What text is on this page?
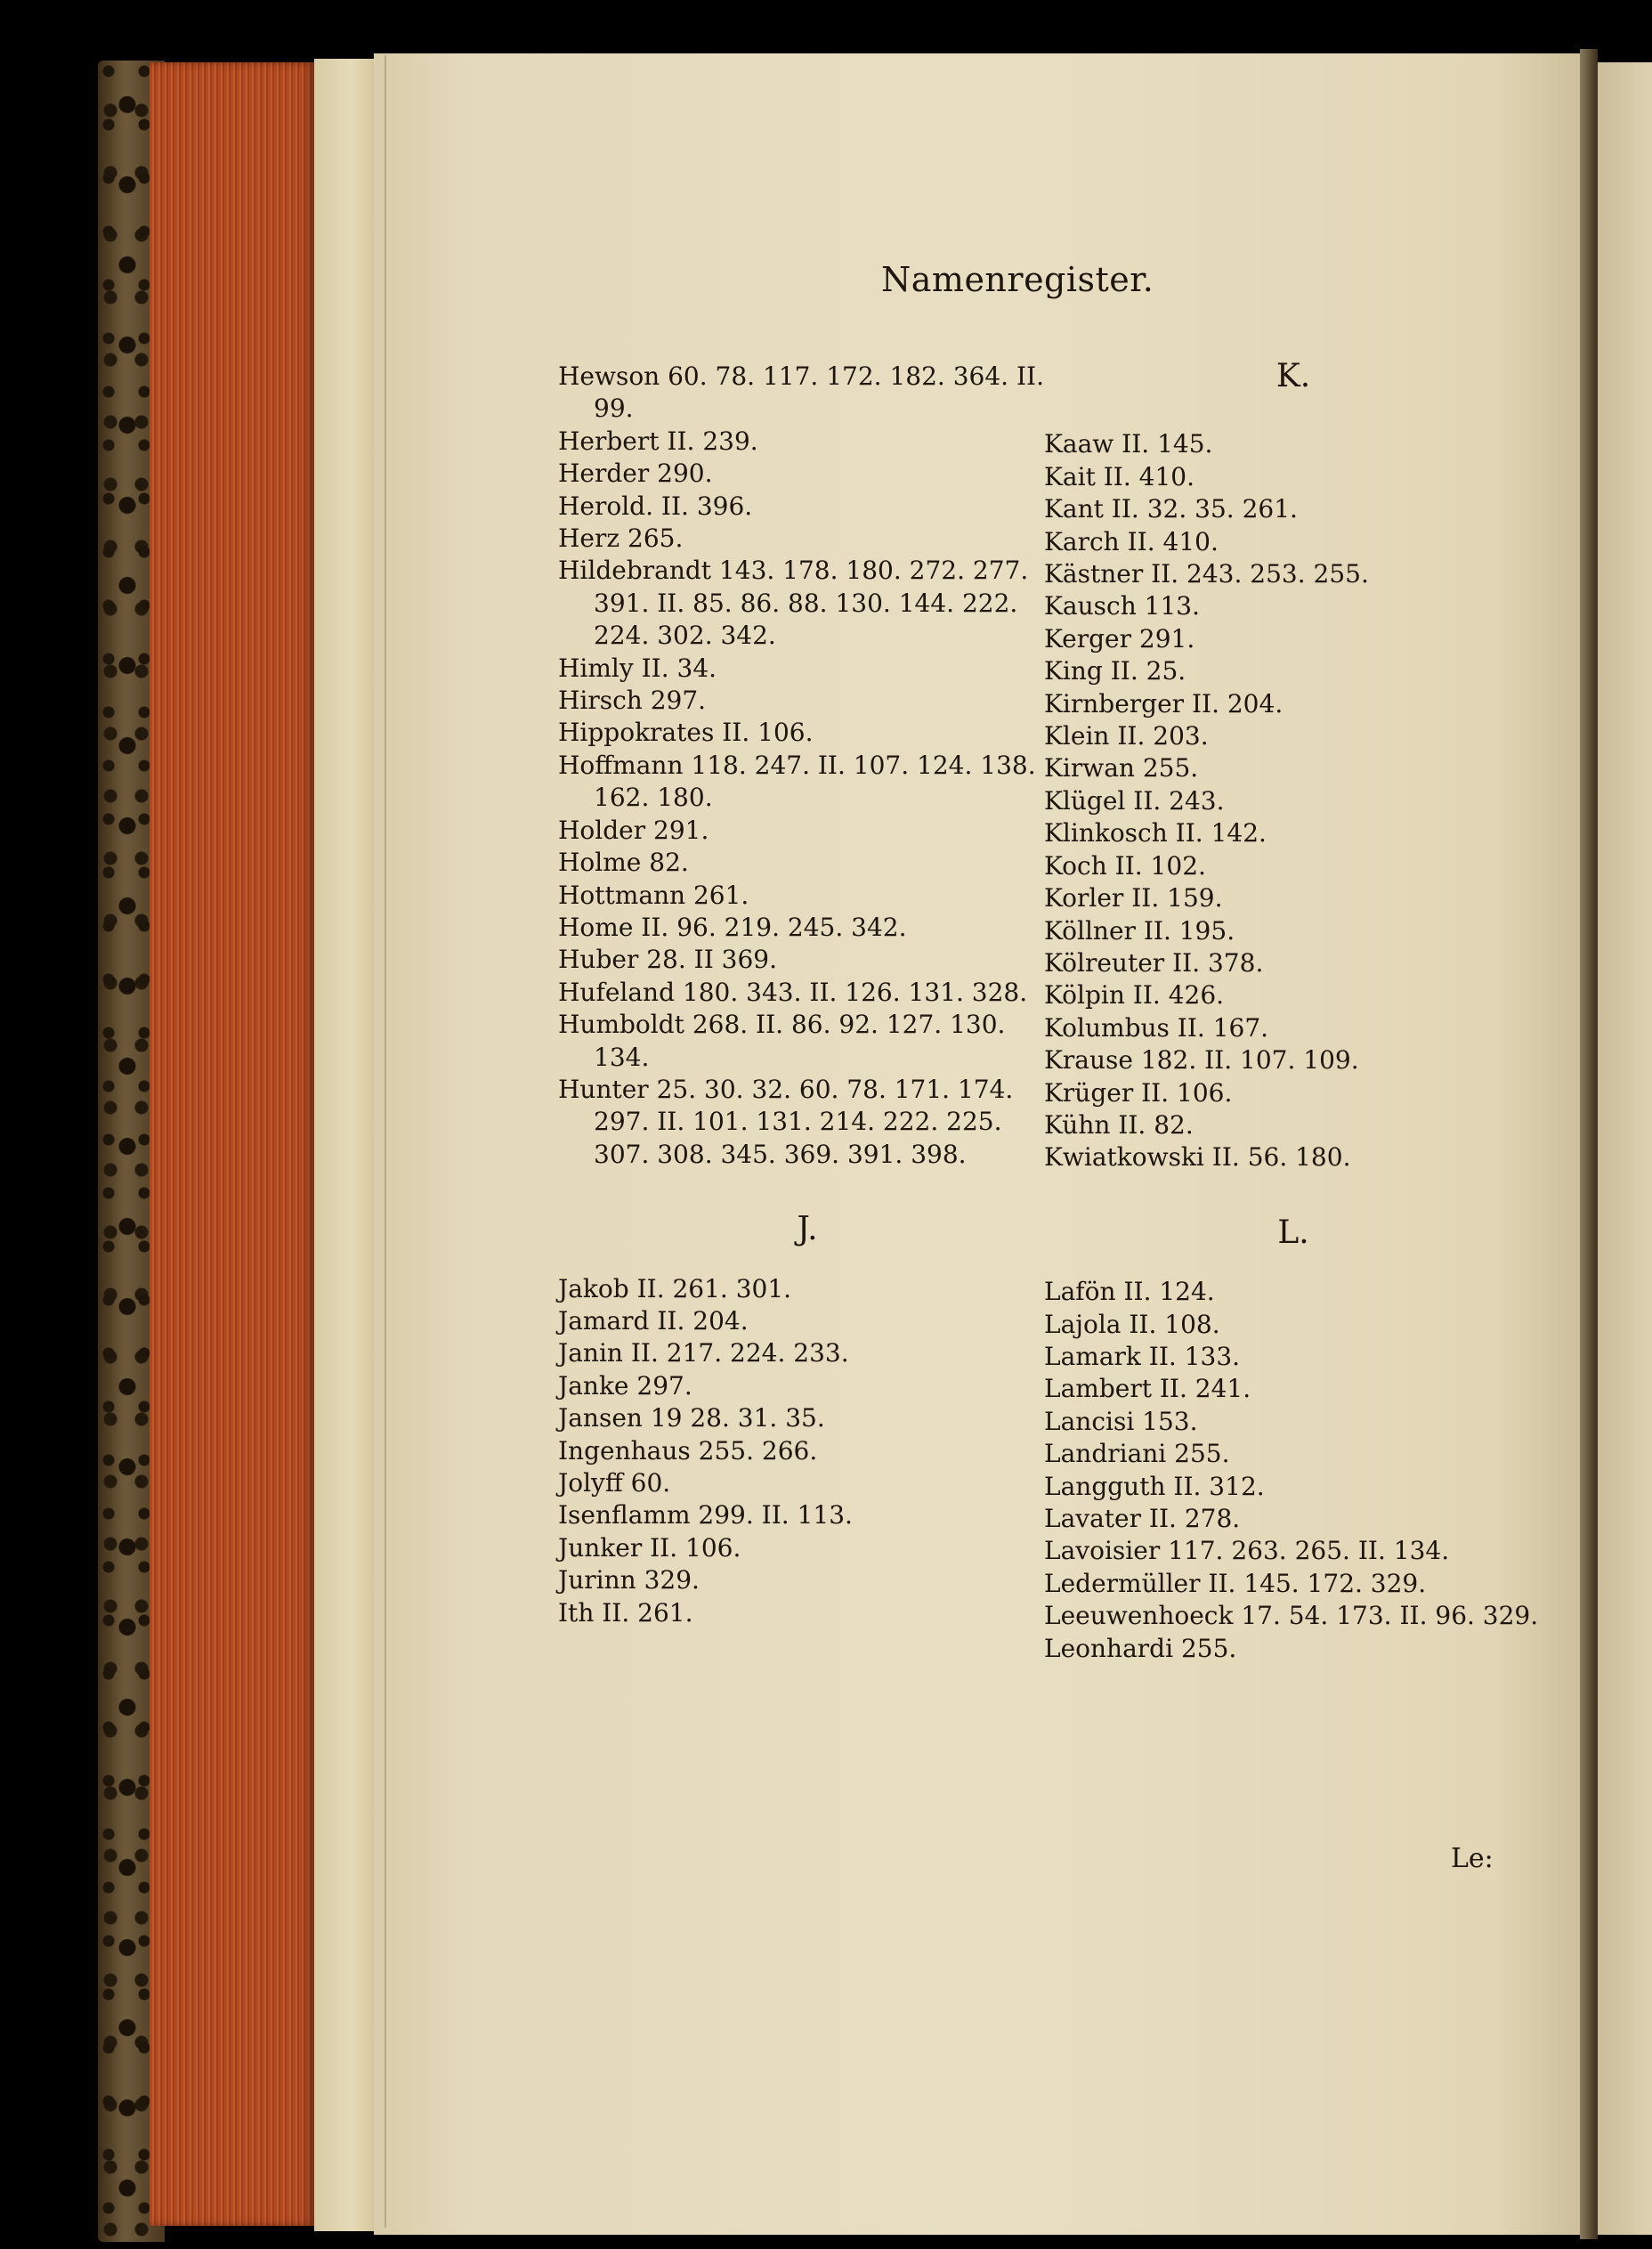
Namenregister.

Hewson 60. 78. 117. 172. 182. 364. II. 99.

Herbert II. 239.

Herder 290.

Herold. II. 396.

Herz 265.

Hildebrandt 143. 178. 180. 272. 277. 391. II. 85. 86. 88. 130. 144. 222. 224. 302. 342.

Himly II. 34.

Hirsch 297.

Hippokrates II. 106.

Hoffmann 118. 247. II. 107. 124. 138. 162. 180.

Holder 291.

Holme 82.

Hottmann 261.

Home II. 96. 219. 245. 342.

Huber 28. II 369.

Hufeland 180. 343. II. 126. 131. 328.

Humboldt 268. II. 86. 92. 127. 130. 134.

Hunter 25. 30. 32. 60. 78. 171. 174. 297. II. 101. 131. 214. 222. 225. 307. 308. 345. 369. 391. 398.

J.

Jakob II. 261. 301.

Jamard II. 204.

Janin II. 217. 224. 233.

Janke 297.

Jansen 19 28. 31. 35.

Ingenhaus 255. 266.

Jolyff 60.

Isenflamm 299. II. 113.

Junker II. 106.

Jurinn 329.

Ith II. 261.

K.

Kaaw II. 145.

Kait II. 410.

Kant II. 32. 35. 261.

Karch II. 410.

Kästner II. 243. 253. 255.

Kausch 113.

Kerger 291.

King II. 25.

Kirnberger II. 204.

Klein II. 203.

Kirwan 255.

Klügel II. 243.

Klinkosch II. 142.

Koch II. 102.

Korler II. 159.

Köllner II. 195.

Kölreuter II. 378.

Kölpin II. 426.

Kolumbus II. 167.

Krause 182. II. 107. 109.

Krüger II. 106.

Kühn II. 82.

Kwiatkowski II. 56. 180.

L.

Lafön II. 124.

Lajola II. 108.

Lamark II. 133.

Lambert II. 241.

Lancisi 153.

Landriani 255.

Langguth II. 312.

Lavater II. 278.

Lavoisier 117. 263. 265. II. 134.

Ledermüller II. 145. 172. 329.

Leeuwenhoeck 17. 54. 173. II. 96. 329.

Leonhardi 255.

Le:
